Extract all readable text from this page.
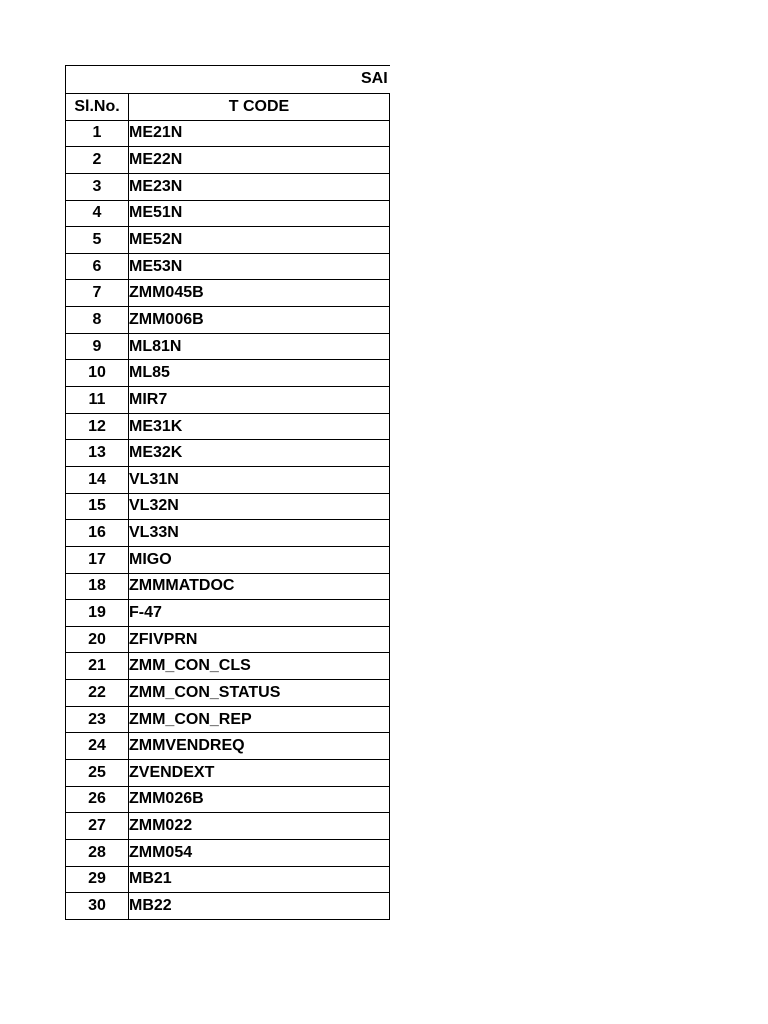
SAI	

Sl.No.	T CODE
1	ME21N
2	ME22N
3	ME23N
4	ME51N
5	ME52N
6	ME53N
7	ZMM045B
8	ZMM006B
9	ML81N
10	ML85
11	MIR7
12	ME31K
13	ME32K
14	VL31N
15	VL32N
16	VL33N
17	MIGO
18	ZMMMATDOC
19	F-47
20	ZFIVPRN
21	ZMM_CON_CLS
22	ZMM_CON_STATUS
23	ZMM_CON_REP
24	ZMMVENDREQ
25	ZVENDEXT
26	ZMM026B
27	ZMM022
28	ZMM054
29	MB21
30	MB22
